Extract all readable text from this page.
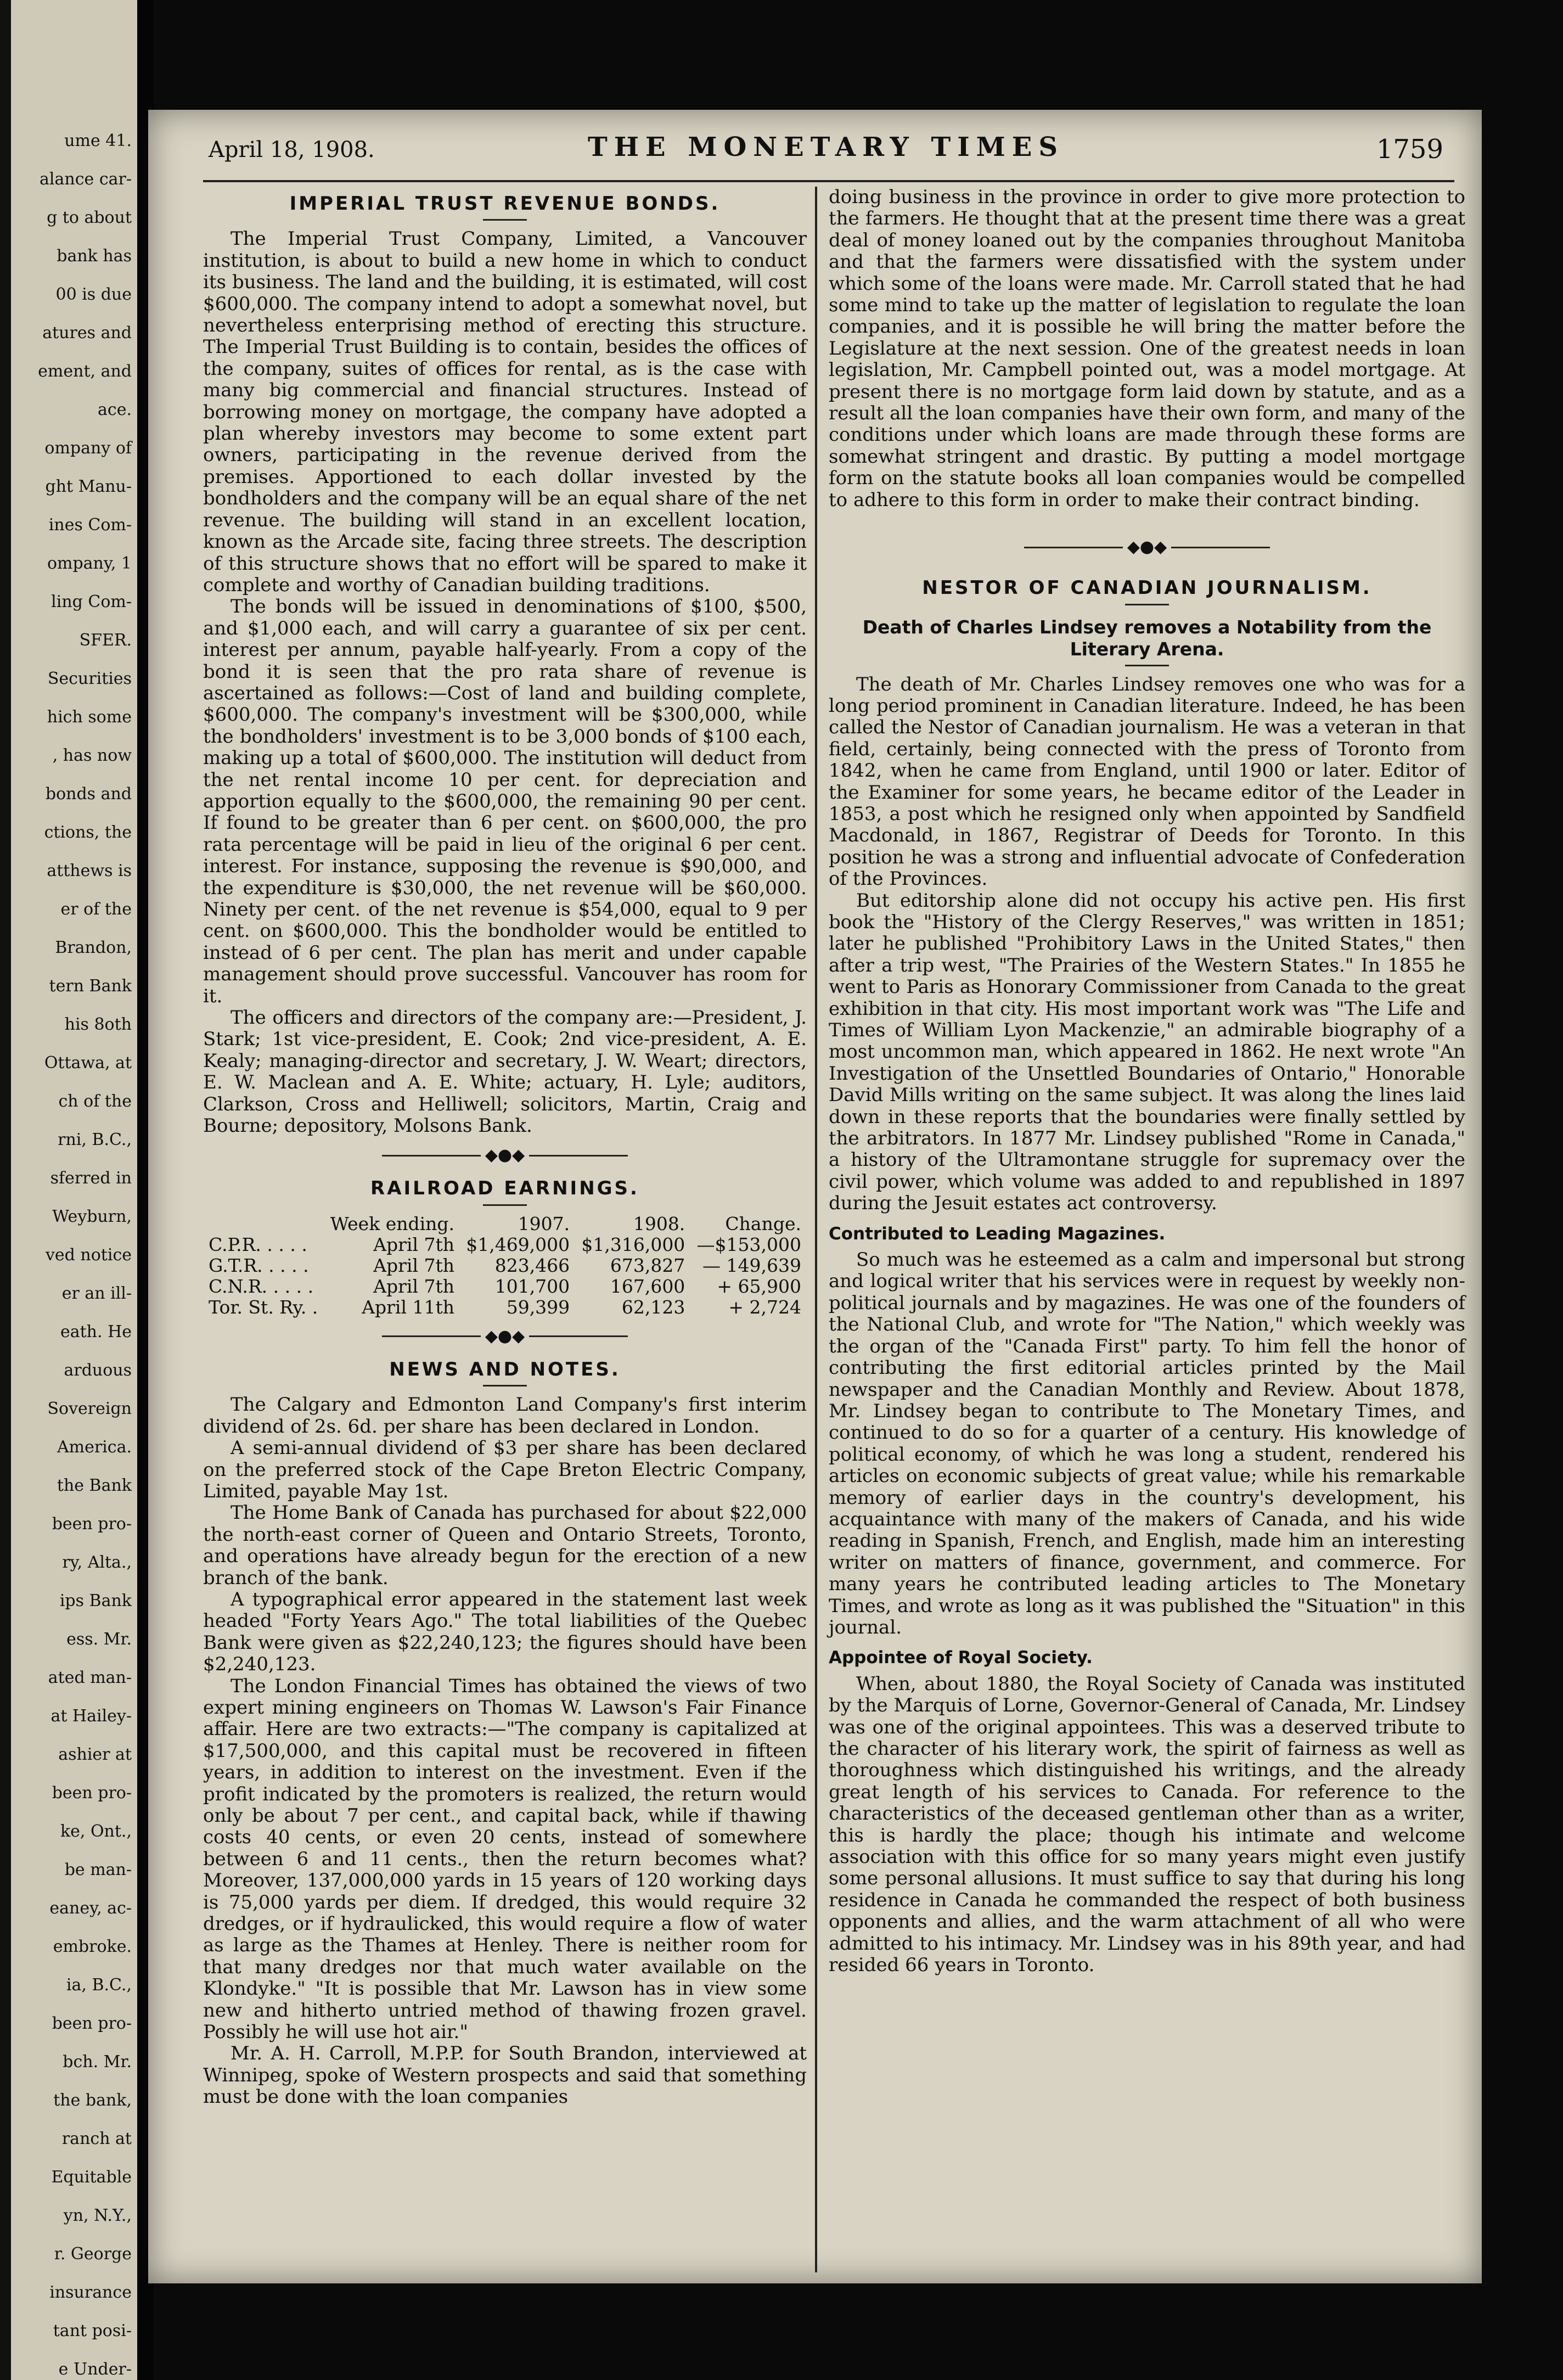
ume 41.
alance car-
g to about
bank has
00 is due
atures and
ement, and
ace.
ompany of
ght Manu-
ines Com-
ompany, 1
ling Com-
SFER.
Securities
hich some
, has now
bonds and
ctions, the
atthews is
er of the
Brandon,
tern Bank
his 8oth
Ottawa, at
ch of the
rni, B.C.,
sferred in
Weyburn,
ved notice
er an ill-
eath. He
arduous
Sovereign
America.
the Bank
been pro-
ry, Alta.,
ips Bank
ess. Mr.
ated man-
at Hailey-
ashier at
been pro-
ke, Ont.,
be man-
eaney, ac-
embroke.
ia, B.C.,
been pro-
bch. Mr.
the bank,
ranch at
Equitable
yn, N.Y.,
r. George
insurance
tant posi-
e Under-
April 18, 1908.	THE MONETARY TIMES	1759
IMPERIAL TRUST REVENUE BONDS.

The Imperial Trust Company, Limited, a Vancouver institution, is about to build a new home in which to conduct its business. The land and the building, it is estimated, will cost $600,000. The company intend to adopt a somewhat novel, but nevertheless enterprising method of erecting this structure. The Imperial Trust Building is to contain, besides the offices of the company, suites of offices for rental, as is the case with many big commercial and financial structures. Instead of borrowing money on mortgage, the company have adopted a plan whereby investors may become to some extent part owners, participating in the revenue derived from the premises. Apportioned to each dollar invested by the bondholders and the company will be an equal share of the net revenue. The building will stand in an excellent location, known as the Arcade site, facing three streets. The description of this structure shows that no effort will be spared to make it complete and worthy of Canadian building traditions.

The bonds will be issued in denominations of $100, $500, and $1,000 each, and will carry a guarantee of six per cent. interest per annum, payable half-yearly. From a copy of the bond it is seen that the pro rata share of revenue is ascertained as follows:—Cost of land and building complete, $600,000. The company's investment will be $300,000, while the bondholders' investment is to be 3,000 bonds of $100 each, making up a total of $600,000. The institution will deduct from the net rental income 10 per cent. for depreciation and apportion equally to the $600,000, the remaining 90 per cent. If found to be greater than 6 per cent. on $600,000, the pro rata percentage will be paid in lieu of the original 6 per cent. interest. For instance, supposing the revenue is $90,000, and the expenditure is $30,000, the net revenue will be $60,000. Ninety per cent. of the net revenue is $54,000, equal to 9 per cent. on $600,000. This the bondholder would be entitled to instead of 6 per cent. The plan has merit and under capable management should prove successful. Vancouver has room for it.

The officers and directors of the company are:—President, J. Stark; 1st vice-president, E. Cook; 2nd vice-president, A. E. Kealy; managing-director and secretary, J. W. Weart; directors, E. W. Maclean and A. E. White; actuary, H. Lyle; auditors, Clarkson, Cross and Helliwell; solicitors, Martin, Craig and Bourne; depository, Molsons Bank.

◆●◆
RAILROAD EARNINGS.
	Week ending.	1907.	1908.	Change.
C.P.R. . . . .	April 7th	$1,469,000	$1,316,000	—$153,000
G.T.R. . . . .	April 7th	823,466	673,827	— 149,639
C.N.R. . . . .	April 7th	101,700	167,600	+ 65,900
Tor. St. Ry. .	April 11th	59,399	62,123	+ 2,724
◆●◆
NEWS AND NOTES.

The Calgary and Edmonton Land Company's first interim dividend of 2s. 6d. per share has been declared in London.

A semi-annual dividend of $3 per share has been declared on the preferred stock of the Cape Breton Electric Company, Limited, payable May 1st.

The Home Bank of Canada has purchased for about $22,000 the north-east corner of Queen and Ontario Streets, Toronto, and operations have already begun for the erection of a new branch of the bank.

A typographical error appeared in the statement last week headed "Forty Years Ago." The total liabilities of the Quebec Bank were given as $22,240,123; the figures should have been $2,240,123.

The London Financial Times has obtained the views of two expert mining engineers on Thomas W. Lawson's Fair Finance affair. Here are two extracts:—"The company is capitalized at $17,500,000, and this capital must be recovered in fifteen years, in addition to interest on the investment. Even if the profit indicated by the promoters is realized, the return would only be about 7 per cent., and capital back, while if thawing costs 40 cents, or even 20 cents, instead of somewhere between 6 and 11 cents., then the return becomes what? Moreover, 137,000,000 yards in 15 years of 120 working days is 75,000 yards per diem. If dredged, this would require 32 dredges, or if hydraulicked, this would require a flow of water as large as the Thames at Henley. There is neither room for that many dredges nor that much water available on the Klondyke." "It is possible that Mr. Lawson has in view some new and hitherto untried method of thawing frozen gravel. Possibly he will use hot air."

Mr. A. H. Carroll, M.P.P. for South Brandon, interviewed at Winnipeg, spoke of Western prospects and said that something must be done with the loan companies

doing business in the province in order to give more protection to the farmers. He thought that at the present time there was a great deal of money loaned out by the companies throughout Manitoba and that the farmers were dissatisfied with the system under which some of the loans were made. Mr. Carroll stated that he had some mind to take up the matter of legislation to regulate the loan companies, and it is possible he will bring the matter before the Legislature at the next session. One of the greatest needs in loan legislation, Mr. Campbell pointed out, was a model mortgage. At present there is no mortgage form laid down by statute, and as a result all the loan companies have their own form, and many of the conditions under which loans are made through these forms are somewhat stringent and drastic. By putting a model mortgage form on the statute books all loan companies would be compelled to adhere to this form in order to make their contract binding.

◆●◆
NESTOR OF CANADIAN JOURNALISM.
Death of Charles Lindsey removes a Notability from the Literary Arena.

The death of Mr. Charles Lindsey removes one who was for a long period prominent in Canadian literature. Indeed, he has been called the Nestor of Canadian journalism. He was a veteran in that field, certainly, being connected with the press of Toronto from 1842, when he came from England, until 1900 or later. Editor of the Examiner for some years, he became editor of the Leader in 1853, a post which he resigned only when appointed by Sandfield Macdonald, in 1867, Registrar of Deeds for Toronto. In this position he was a strong and influential advocate of Confederation of the Provinces.

But editorship alone did not occupy his active pen. His first book the "History of the Clergy Reserves," was written in 1851; later he published "Prohibitory Laws in the United States," then after a trip west, "The Prairies of the Western States." In 1855 he went to Paris as Honorary Commissioner from Canada to the great exhibition in that city. His most important work was "The Life and Times of William Lyon Mackenzie," an admirable biography of a most uncommon man, which appeared in 1862. He next wrote "An Investigation of the Unsettled Boundaries of Ontario," Honorable David Mills writing on the same subject. It was along the lines laid down in these reports that the boundaries were finally settled by the arbitrators. In 1877 Mr. Lindsey published "Rome in Canada," a history of the Ultramontane struggle for supremacy over the civil power, which volume was added to and republished in 1897 during the Jesuit estates act controversy.

Contributed to Leading Magazines.

So much was he esteemed as a calm and impersonal but strong and logical writer that his services were in request by weekly non-political journals and by magazines. He was one of the founders of the National Club, and wrote for "The Nation," which weekly was the organ of the "Canada First" party. To him fell the honor of contributing the first editorial articles printed by the Mail newspaper and the Canadian Monthly and Review. About 1878, Mr. Lindsey began to contribute to The Monetary Times, and continued to do so for a quarter of a century. His knowledge of political economy, of which he was long a student, rendered his articles on economic subjects of great value; while his remarkable memory of earlier days in the country's development, his acquaintance with many of the makers of Canada, and his wide reading in Spanish, French, and English, made him an interesting writer on matters of finance, government, and commerce. For many years he contributed leading articles to The Monetary Times, and wrote as long as it was published the "Situation" in this journal.

Appointee of Royal Society.

When, about 1880, the Royal Society of Canada was instituted by the Marquis of Lorne, Governor-General of Canada, Mr. Lindsey was one of the original appointees. This was a deserved tribute to the character of his literary work, the spirit of fairness as well as thoroughness which distinguished his writings, and the already great length of his services to Canada. For reference to the characteristics of the deceased gentleman other than as a writer, this is hardly the place; though his intimate and welcome association with this office for so many years might even justify some personal allusions. It must suffice to say that during his long residence in Canada he commanded the respect of both business opponents and allies, and the warm attachment of all who were admitted to his intimacy. Mr. Lindsey was in his 89th year, and had resided 66 years in Toronto.
